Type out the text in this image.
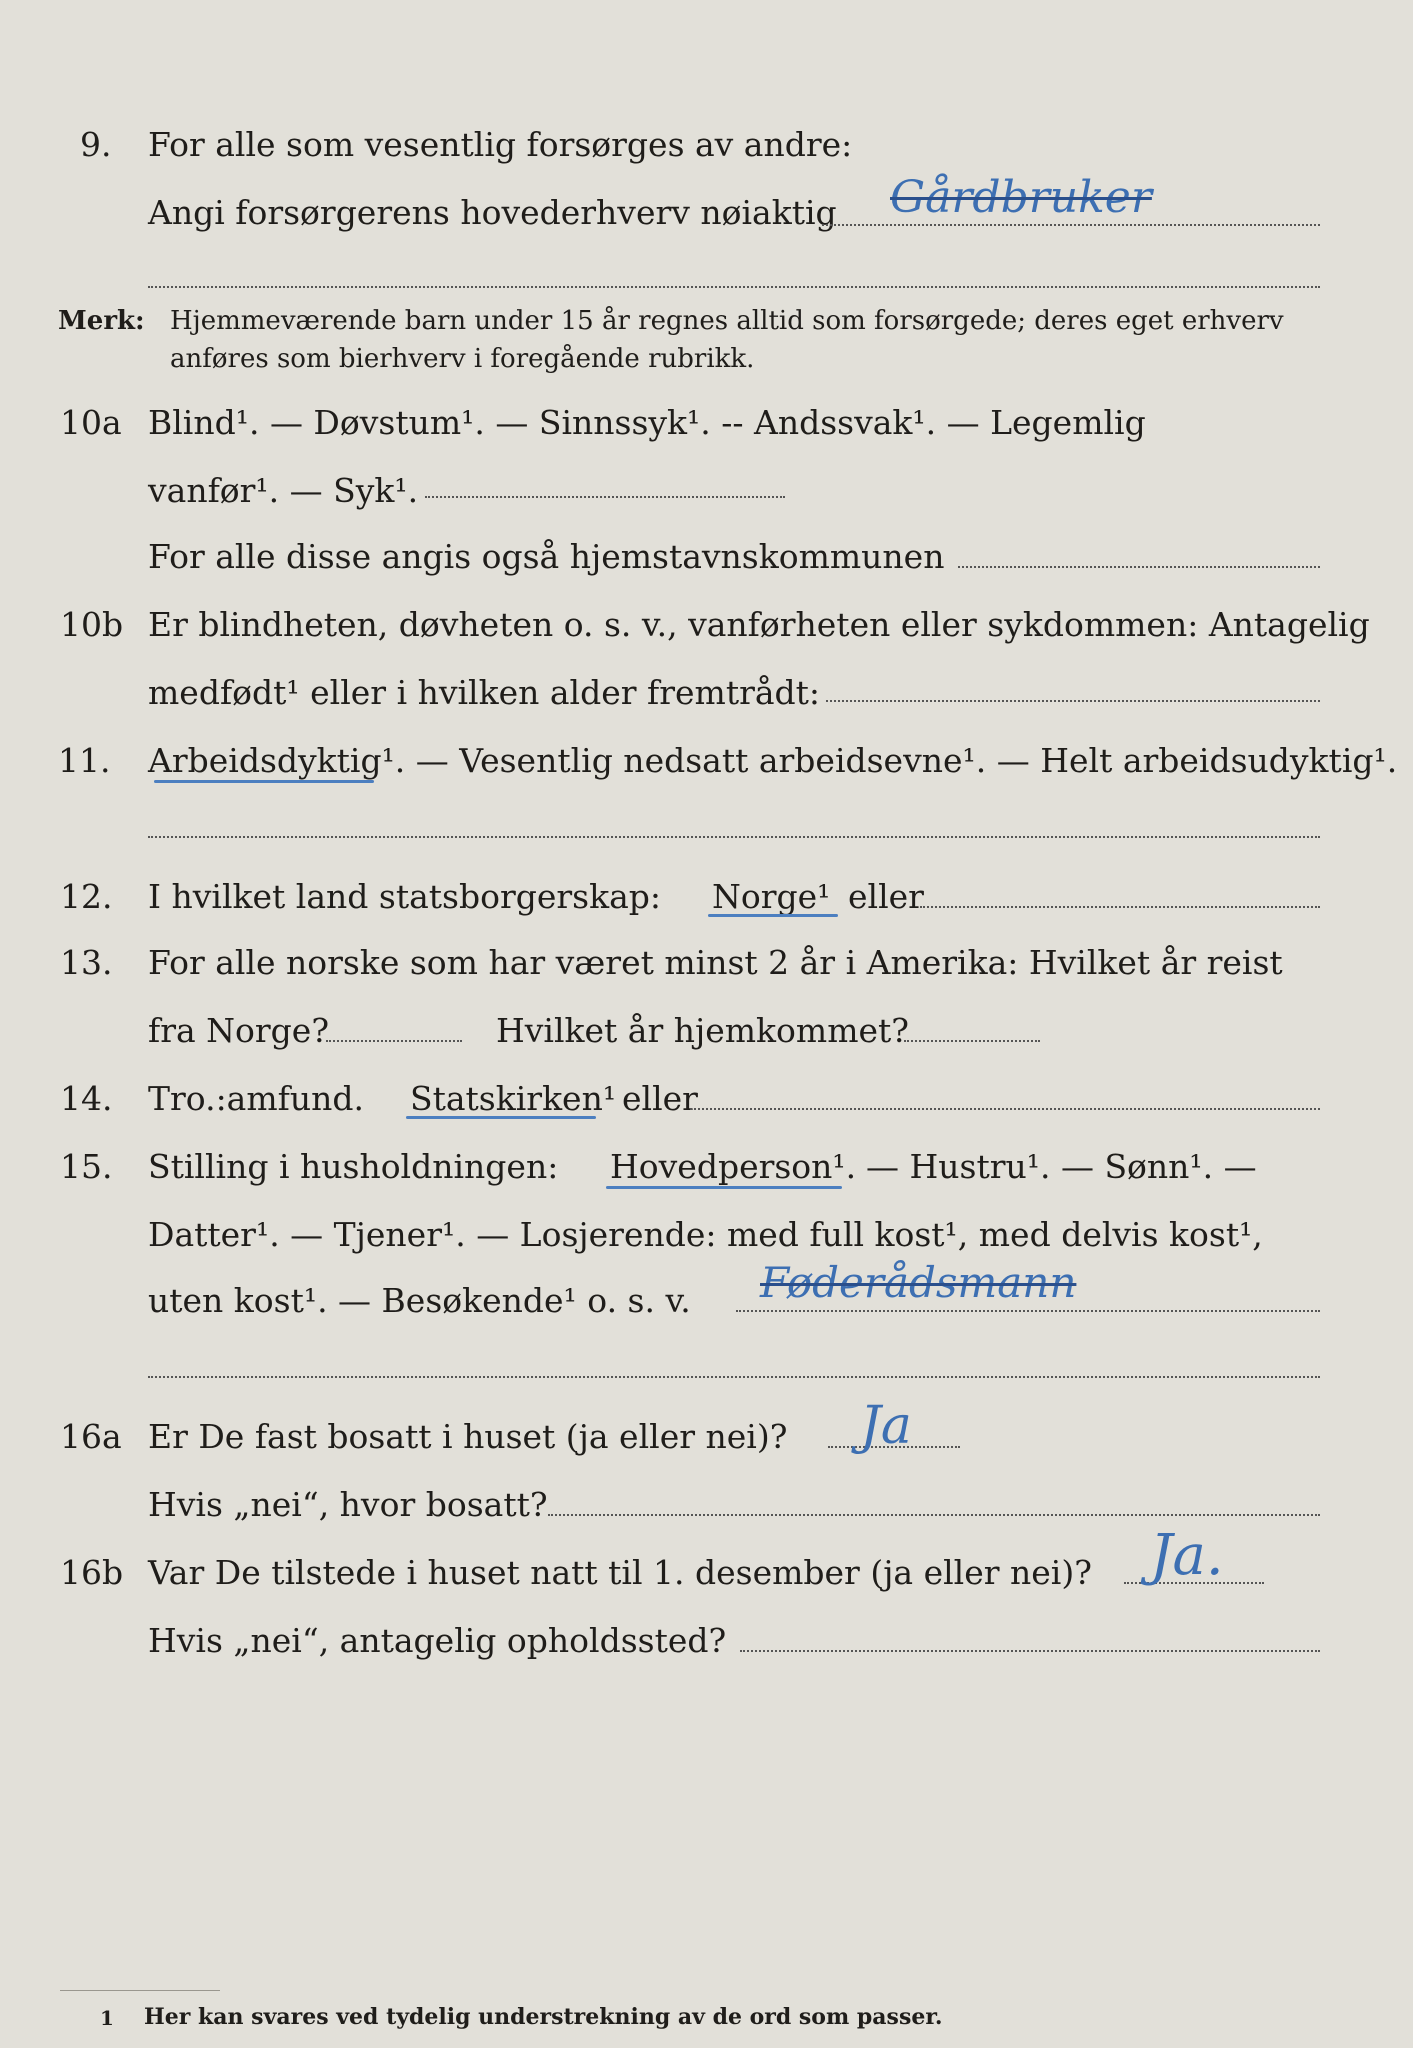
9. For alle som vesentlig forsørges av andre:
Angi forsørgerens hovederhverv nøiaktig Gårdbruker
Merk: Hjemmeværende barn under 15 år regnes alltid som forsørgede; deres eget erhverv
anføres som bierhverv i foregående rubrikk.
10a Blind¹. — Døvstum¹. — Sinnssyk¹. -- Andssvak¹. — Legemlig
vanfør¹. — Syk¹.
For alle disse angis også hjemstavnskommunen
10b Er blindheten, døvheten o. s. v., vanførheten eller sykdommen: Antagelig
medfødt¹ eller i hvilken alder fremtrådt:
11. Arbeidsdyktig¹. — Vesentlig nedsatt arbeidsevne¹. — Helt arbeidsudyktig¹.
12. I hvilket land statsborgerskap: Norge¹ eller
13. For alle norske som har været minst 2 år i Amerika: Hvilket år reist
fra Norge?	Hvilket år hjemkommet?
14. Tro.:amfund. Statskirken¹ eller
15. Stilling i husholdningen: Hovedperson¹. — Hustru¹. — Sønn¹. —
Datter¹. — Tjener¹. — Losjerende: med full kost¹, med delvis kost¹,
uten kost¹. — Besøkende¹ o. s. v. Føderådsmann
16a Er De fast bosatt i huset (ja eller nei)? Ja
Hvis „nei“, hvor bosatt?
16b Var De tilstede i huset natt til 1. desember (ja eller nei)? Ja.
Hvis „nei“, antagelig opholdssted?
1 Her kan svares ved tydelig understrekning av de ord som passer.
